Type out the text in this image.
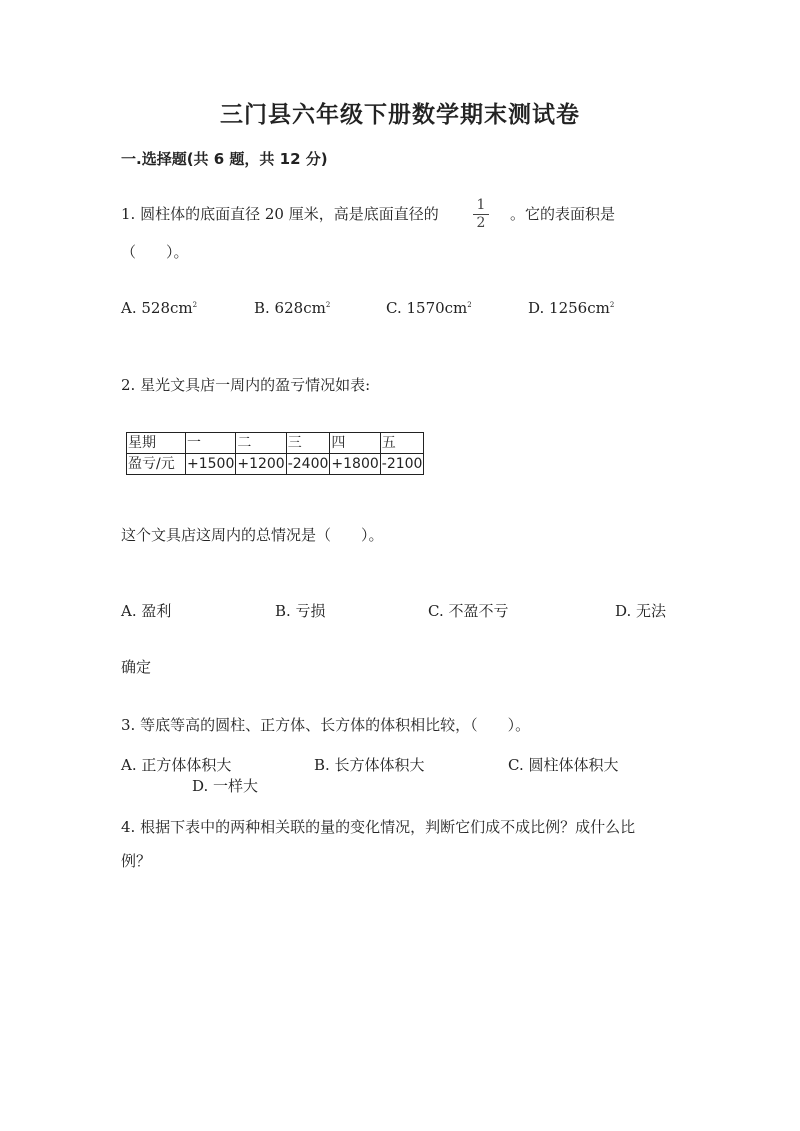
三门县六年级下册数学期末测试卷
一.选择题(共 6 题，共 12 分)
1. 圆柱体的底面直径 20 厘米，高是底面直径的	1
2	。它的表面积是
（　　）。
A. $528cm^2$	B. $628cm^2$	C. $1570cm^2$	D. $1256cm^2$
2. 星光文具店一周内的盈亏情况如表:
星期	一	二	三	四	五
盈亏/元	+1500	+1200	-2400	+1800	-2100
这个文具店这周内的总情况是（　　）。
A. 盈利	B. 亏损	C. 不盈不亏	D. 无法
确定
3. 等底等高的圆柱、正方体、长方体的体积相比较，（　　）。
A. 正方体体积大	B. 长方体体积大	C. 圆柱体体积大
D. 一样大
4. 根据下表中的两种相关联的量的变化情况，判断它们成不成比例？成什么比
例？
